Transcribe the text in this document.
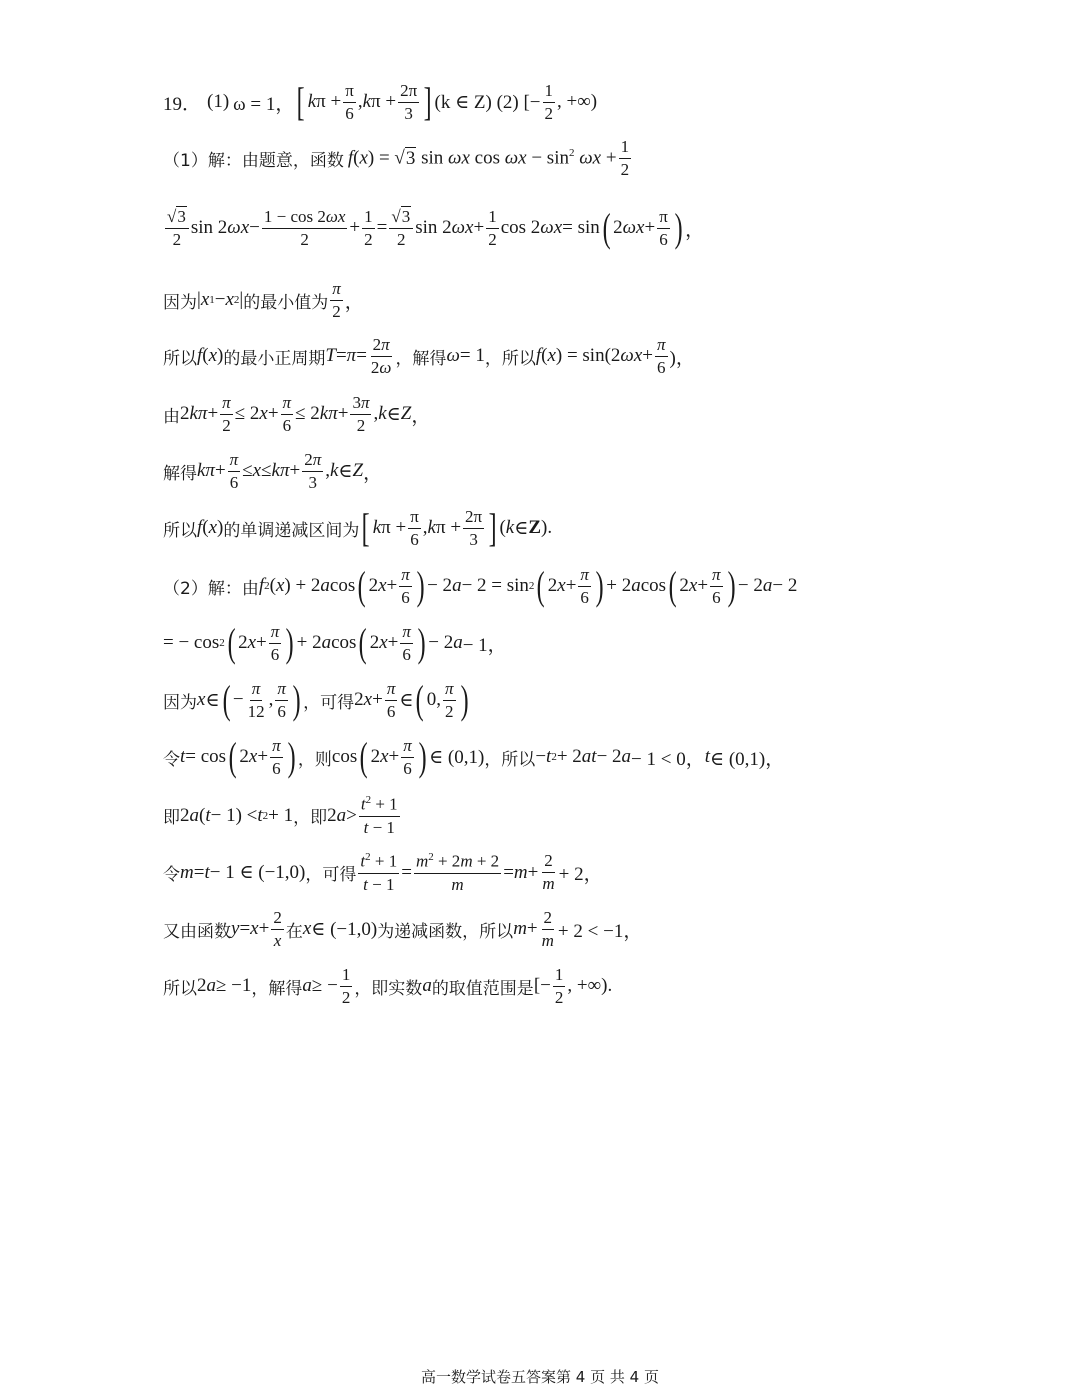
19． (1) ω = 1， [ k $\pi + \frac{\pi}{6}$ , k $\pi + \frac{2\pi}{3}$ ] (k ∈ Z) (2) [− $\frac{1}{2}$ , +∞)
（1）解：由题意，函数 f(x) = √3 sin ωx $\cos \omega x - \sin^2 \omega x + \frac{1}{2}$
$\frac{√3}{2}$ sin 2 $\omega x - \frac{1 - \cos 2\omega x}{2} + \frac{1}{2} = \frac{√3}{2}$ sin 2 $\omega x + \frac{1}{2}$ cos 2 ωx = sin ( 2 $\omega x + \frac{\pi}{6}$ ) ，
因为 | x 1 − x 2 | 的最小值为 $\frac{\pi}{2}$ ，
所以 f ( x ) 的最小正周期 $T = \pi = \frac{2\pi}{2\omega}$ ，解得 ω = 1 ，所以 f ( x ) = sin(2 $\omega x + \frac{\pi}{6}$ )，
由 2 $k\pi + \frac{\pi}{2} \le 2$ $x + \frac{\pi}{6} \le 2$ $k\pi + \frac{3\pi}{2}$ , k ∈ Z ，
解得 $k\pi + \frac{\pi}{6} \le x \le k\pi + \frac{2\pi}{3}$ , k ∈ Z ，
所以 f ( x ) 的单调递减区间为 [ k $\pi + \frac{\pi}{6}$ , k $\pi + \frac{2\pi}{3}$ ] ( k ∈ Z ).
（2）解：由 f 2 ( x ) + 2 a cos ( 2 $x + \frac{\pi}{6}$ ) − 2 a − 2 = sin 2 ( 2 $x + \frac{\pi}{6}$ ) + 2 a cos ( 2 $x + \frac{\pi}{6}$ ) − 2 a − 2
= − cos 2 ( 2 $x + \frac{\pi}{6}$ ) + 2 a cos ( 2 $x + \frac{\pi}{6}$ ) − 2 a − 1，
因为 x ∈ ( − $\frac{\pi}{12}$ , $\frac{\pi}{6}$ ) ，可得 2 $x + \frac{\pi}{6}$ ∈ ( 0, $\frac{\pi}{2}$ )
令 t = cos ( 2 $x + \frac{\pi}{6}$ ) ，则 cos ( 2 $x + \frac{\pi}{6}$ ) ∈ (0,1) ，所以 − t 2 + 2 at − 2 a − 1 < 0， t ∈ (0,1)，
即 2 a ( t − 1) < t 2 + 1 ，即 2 $a > \frac{t^2 + 1}{t - 1}$
令 m = t − 1 ∈ (−1,0) ，可得 $\frac{t^2 + 1}{t - 1} = \frac{m^2 + 2m + 2}{m} = m + \frac{2}{m} + 2$，
又由函数 $y = x + \frac{2}{x}$ 在 x ∈ (−1,0) 为递减函数，所以 $m + \frac{2}{m} + 2 < -1$，
所以 2 a ≥ −1 ，解得 a ≥ − $\frac{1}{2}$ ，即实数 a 的取值范围是 [− $\frac{1}{2}$ , +∞).
高一数学试卷五答案第 4 页 共 4 页
